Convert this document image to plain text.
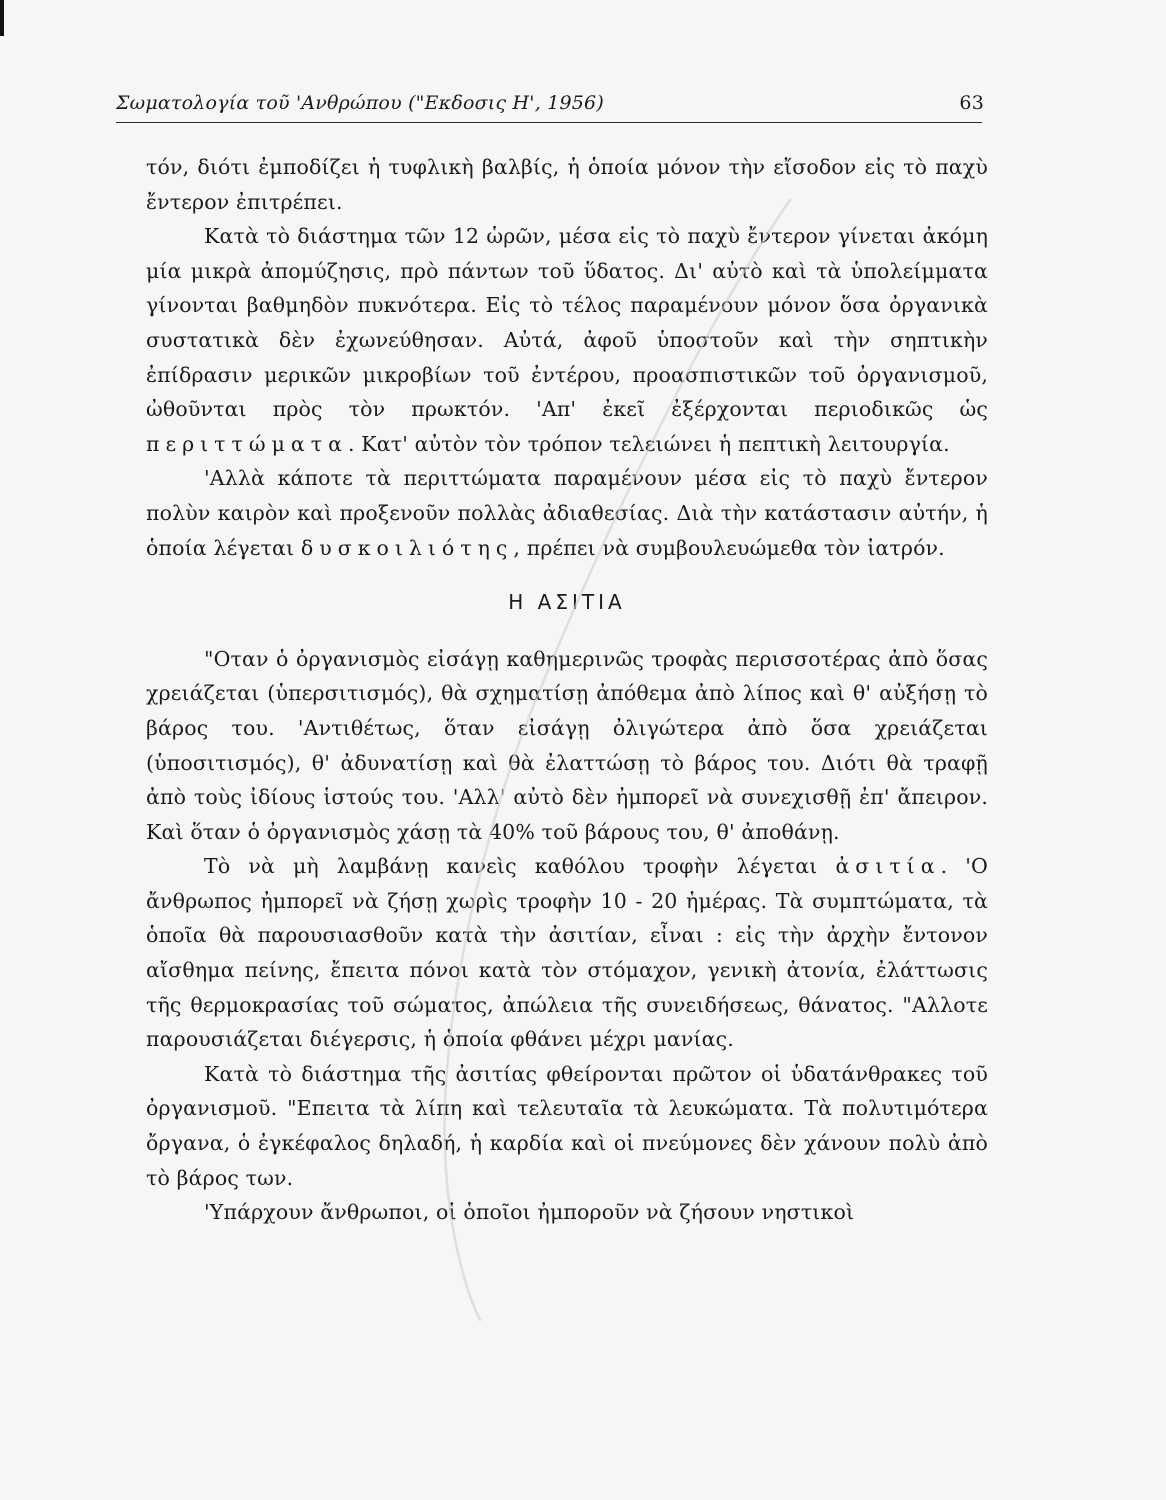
Σωματολογία τοῦ 'Ανθρώπου ("Εκδοσις Η', 1956)	63

τόν, διότι ἐμποδίζει ἡ τυφλικὴ βαλβίς, ἡ ὁποία μόνον τὴν εἴσοδον εἰς τὸ παχὺ ἔντερον ἐπιτρέπει.

Κατὰ τὸ διάστημα τῶν 12 ὡρῶν, μέσα εἰς τὸ παχὺ ἔντερον γίνεται ἀκόμη μία μικρὰ ἀπομύζησις, πρὸ πάντων τοῦ ὕδατος. Δι' αὐτὸ καὶ τὰ ὑπολείμματα γίνονται βαθμηδὸν πυκνότερα. Εἰς τὸ τέλος παραμένουν μόνον ὅσα ὀργανικὰ συστατικὰ δὲν ἐχωνεύθησαν. Αὐτά, ἀφοῦ ὑποστοῦν καὶ τὴν σηπτικὴν ἐπίδρασιν μερικῶν μικροβίων τοῦ ἐντέρου, προασπιστικῶν τοῦ ὀργανισμοῦ, ὠθοῦνται πρὸς τὸν πρωκτόν. 'Απ' ἐκεῖ ἐξέρχονται περιοδικῶς ὡς περιττώματα. Κατ' αὐτὸν τὸν τρόπον τελειώνει ἡ πεπτικὴ λειτουργία.

'Αλλὰ κάποτε τὰ περιττώματα παραμένουν μέσα εἰς τὸ παχὺ ἔντερον πολὺν καιρὸν καὶ προξενοῦν πολλὰς ἀδιαθεσίας. Διὰ τὴν κατάστασιν αὐτήν, ἡ ὁποία λέγεται δυσκοιλιότης, πρέπει νὰ συμβουλευώμεθα τὸν ἰατρόν.

Η ΑΣΙΤΙΑ

"Οταν ὁ ὀργανισμὸς εἰσάγῃ καθημερινῶς τροφὰς περισσοτέρας ἀπὸ ὅσας χρειάζεται (ὑπερσιτισμός), θὰ σχηματίσῃ ἀπόθεμα ἀπὸ λίπος καὶ θ' αὐξήσῃ τὸ βάρος του. 'Αντιθέτως, ὅταν εἰσάγῃ ὀλιγώτερα ἀπὸ ὅσα χρειάζεται (ὑποσιτισμός), θ' ἀδυνατίσῃ καὶ θὰ ἐλαττώσῃ τὸ βάρος του. Διότι θὰ τραφῇ ἀπὸ τοὺς ἰδίους ἱστούς του. 'Αλλ' αὐτὸ δὲν ἠμπορεῖ νὰ συνεχισθῇ ἐπ' ἄπειρον. Καὶ ὅταν ὁ ὀργανισμὸς χάσῃ τὰ 40% τοῦ βάρους του, θ' ἀποθάνῃ.

Τὸ νὰ μὴ λαμβάνῃ κανεὶς καθόλου τροφὴν λέγεται ἀσιτία. 'Ο ἄνθρωπος ἠμπορεῖ νὰ ζήσῃ χωρὶς τροφὴν 10 - 20 ἡμέρας. Τὰ συμπτώματα, τὰ ὁποῖα θὰ παρουσιασθοῦν κατὰ τὴν ἀσιτίαν, εἶναι : εἰς τὴν ἀρχὴν ἔντονον αἴσθημα πείνης, ἔπειτα πόνοι κατὰ τὸν στόμαχον, γενικὴ ἀτονία, ἐλάττωσις τῆς θερμοκρασίας τοῦ σώματος, ἀπώλεια τῆς συνειδήσεως, θάνατος. "Αλλοτε παρουσιάζεται διέγερσις, ἡ ὁποία φθάνει μέχρι μανίας.

Κατὰ τὸ διάστημα τῆς ἀσιτίας φθείρονται πρῶτον οἱ ὑδατάνθρακες τοῦ ὀργανισμοῦ. "Επειτα τὰ λίπη καὶ τελευταῖα τὰ λευκώματα. Τὰ πολυτιμότερα ὄργανα, ὁ ἐγκέφαλος δηλαδή, ἡ καρδία καὶ οἱ πνεύμονες δὲν χάνουν πολὺ ἀπὸ τὸ βάρος των.

'Υπάρχουν ἄνθρωποι, οἱ ὁποῖοι ἠμποροῦν νὰ ζήσουν νηστικοὶ
